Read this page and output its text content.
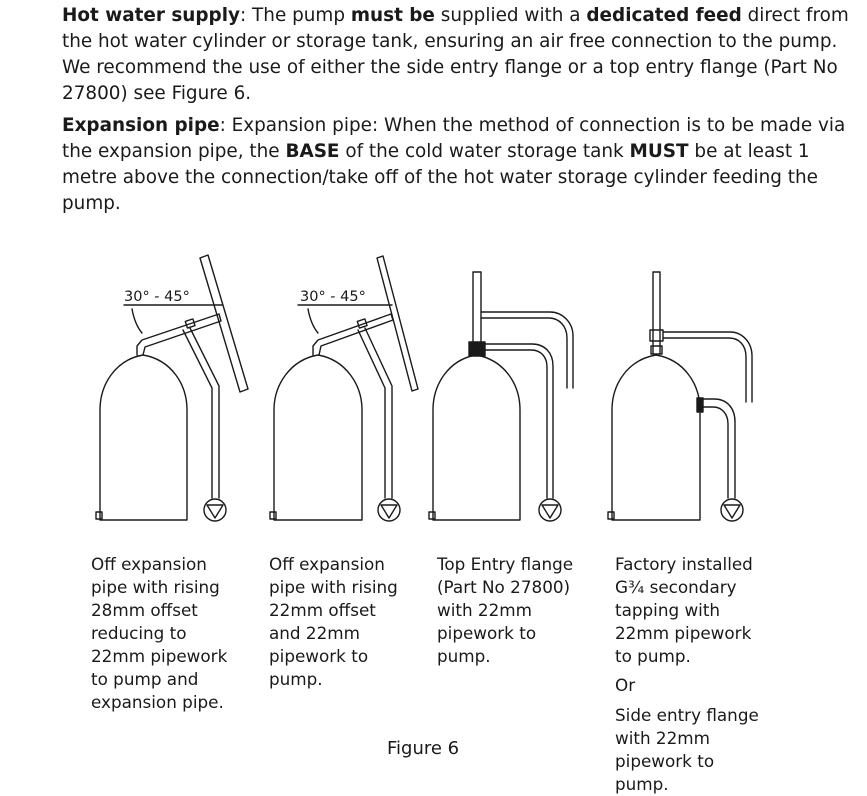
Hot water supply: The pump must be supplied with a dedicated feed direct from the hot water cylinder or storage tank, ensuring an air free connection to the pump. We recommend the use of either the side entry flange or a top entry flange (Part No 27800) see Figure 6.

Expansion pipe: Expansion pipe: When the method of connection is to be made via the expansion pipe, the BASE of the cold water storage tank MUST be at least 1 metre above the connection/take off of the hot water storage cylinder feeding the pump.

30° - 45°	30° - 45°
Off expansion
pipe with rising
28mm offset
reducing to
22mm pipework
to pump and
expansion pipe.
Off expansion
pipe with rising
22mm offset
and 22mm
pipework to
pump.
Top Entry flange
(Part No 27800)
with 22mm
pipework to
pump.
Factory installed
G¾ secondary
tapping with
22mm pipework
to pump.
Or
Side entry flange
with 22mm
pipework to
pump.

Figure 6
